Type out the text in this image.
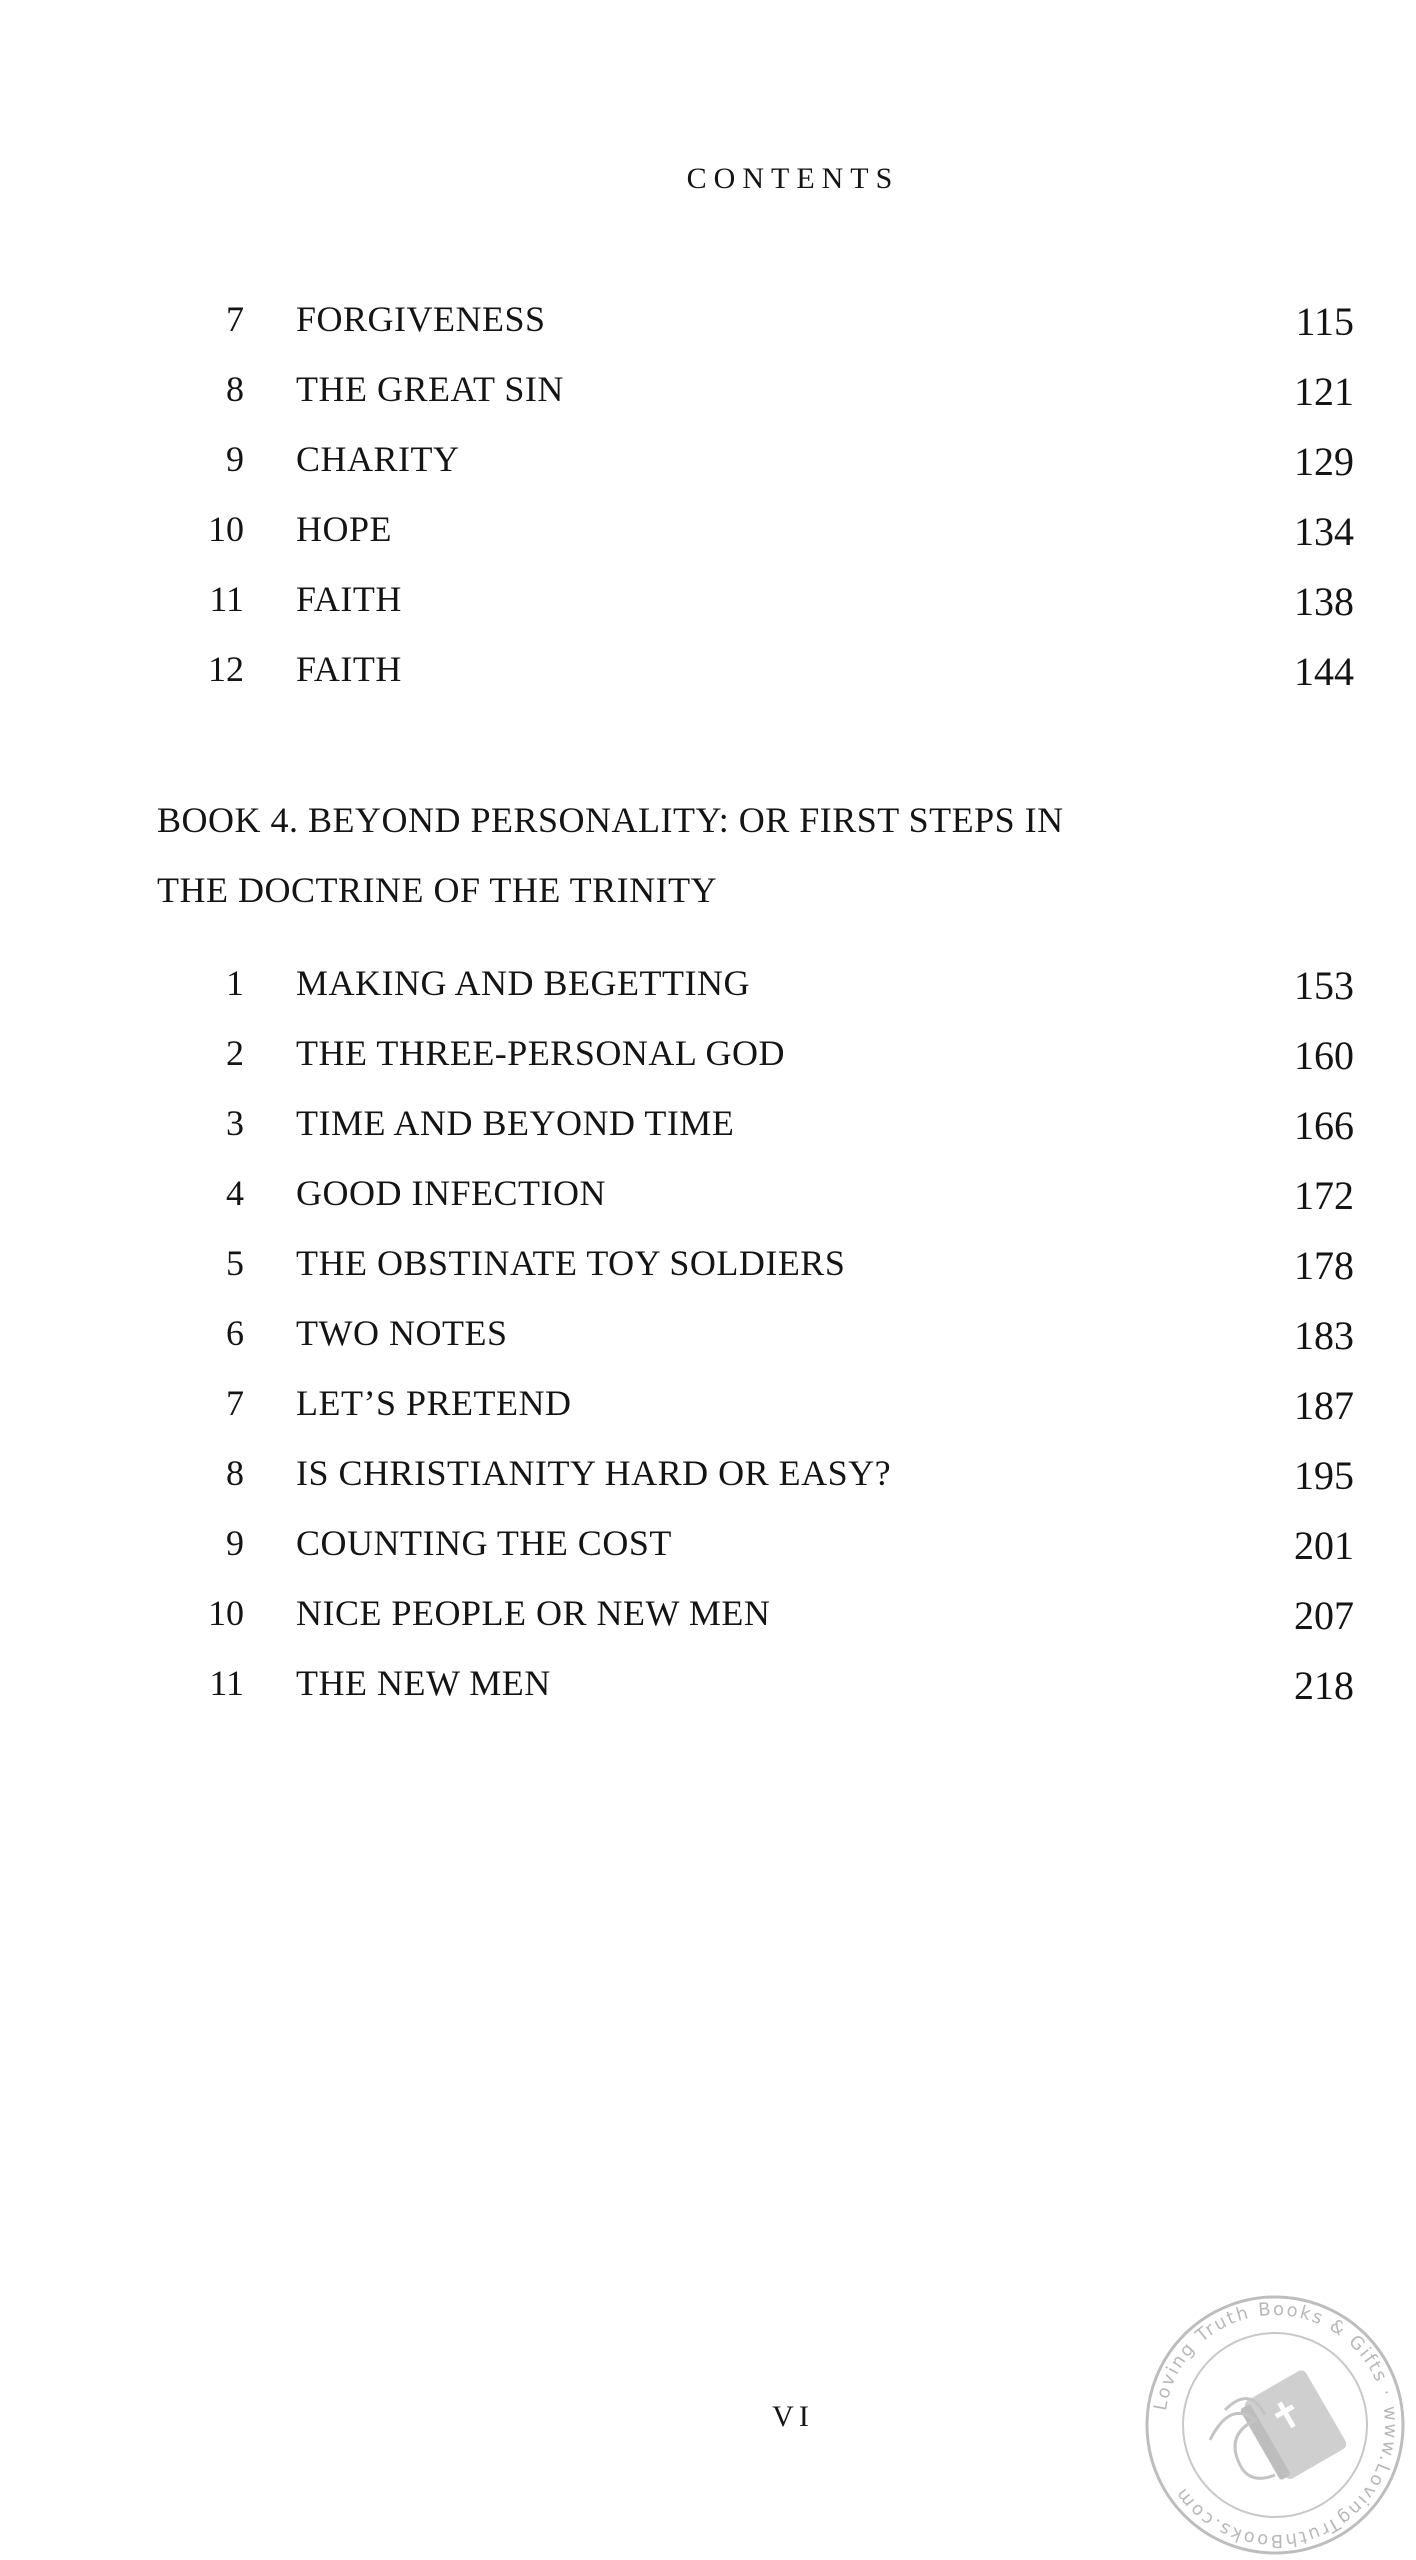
CONTENTS
7 FORGIVENESS	115
8 THE GREAT SIN	121
9 CHARITY	129
10 HOPE	134
11 FAITH	138
12 FAITH	144
BOOK 4. BEYOND PERSONALITY: OR FIRST STEPS IN
THE DOCTRINE OF THE TRINITY
1 MAKING AND BEGETTING	153
2 THE THREE-PERSONAL GOD	160
3 TIME AND BEYOND TIME	166
4 GOOD INFECTION	172
5 THE OBSTINATE TOY SOLDIERS	178
6 TWO NOTES	183
7 LET’S PRETEND	187
8 IS CHRISTIANITY HARD OR EASY?	195
9 COUNTING THE COST	201
10 NICE PEOPLE OR NEW MEN	207
11 THE NEW MEN	218
VI	Loving Truth Books & Gifts · www.LovingTruthBooks.com
